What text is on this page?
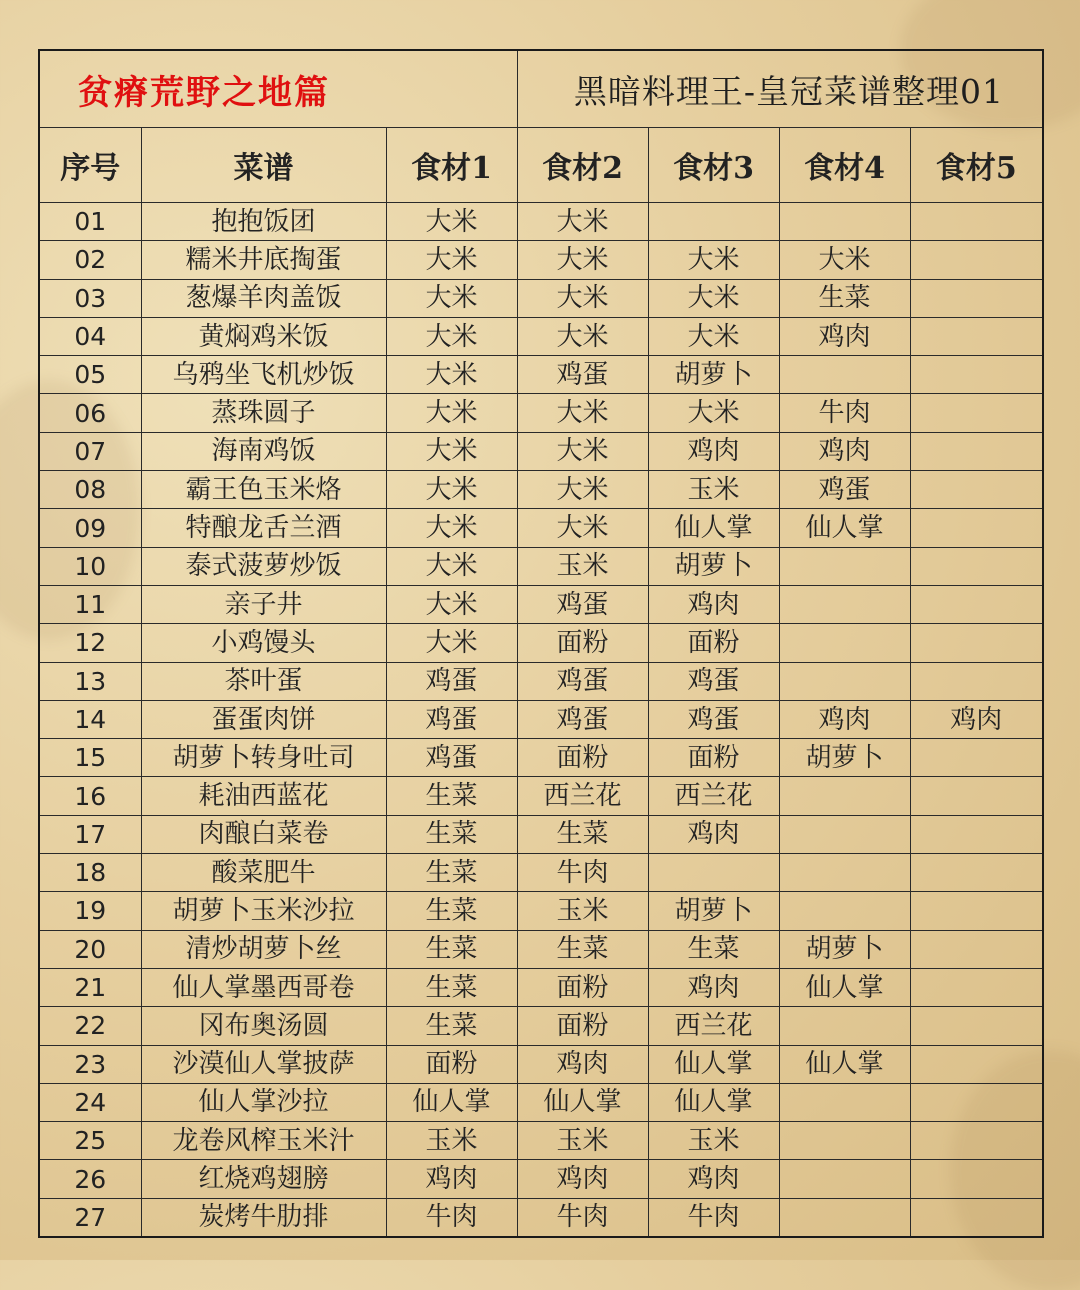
贫瘠荒野之地篇			黑暗料理王-皇冠菜谱整理01			
序号	菜谱	食材1	食材2	食材3	食材4	食材5
01	抱抱饭团	大米	大米			
02	糯米井底掏蛋	大米	大米	大米	大米	
03	葱爆羊肉盖饭	大米	大米	大米	生菜	
04	黄焖鸡米饭	大米	大米	大米	鸡肉	
05	乌鸦坐飞机炒饭	大米	鸡蛋	胡萝卜		
06	蒸珠圆子	大米	大米	大米	牛肉	
07	海南鸡饭	大米	大米	鸡肉	鸡肉	
08	霸王色玉米烙	大米	大米	玉米	鸡蛋	
09	特酿龙舌兰酒	大米	大米	仙人掌	仙人掌	
10	泰式菠萝炒饭	大米	玉米	胡萝卜		
11	亲子井	大米	鸡蛋	鸡肉		
12	小鸡馒头	大米	面粉	面粉		
13	茶叶蛋	鸡蛋	鸡蛋	鸡蛋		
14	蛋蛋肉饼	鸡蛋	鸡蛋	鸡蛋	鸡肉	鸡肉
15	胡萝卜转身吐司	鸡蛋	面粉	面粉	胡萝卜	
16	耗油西蓝花	生菜	西兰花	西兰花		
17	肉酿白菜卷	生菜	生菜	鸡肉		
18	酸菜肥牛	生菜	牛肉			
19	胡萝卜玉米沙拉	生菜	玉米	胡萝卜		
20	清炒胡萝卜丝	生菜	生菜	生菜	胡萝卜	
21	仙人掌墨西哥卷	生菜	面粉	鸡肉	仙人掌	
22	冈布奥汤圆	生菜	面粉	西兰花		
23	沙漠仙人掌披萨	面粉	鸡肉	仙人掌	仙人掌	
24	仙人掌沙拉	仙人掌	仙人掌	仙人掌		
25	龙卷风榨玉米汁	玉米	玉米	玉米		
26	红烧鸡翅膀	鸡肉	鸡肉	鸡肉		
27	炭烤牛肋排	牛肉	牛肉	牛肉		
